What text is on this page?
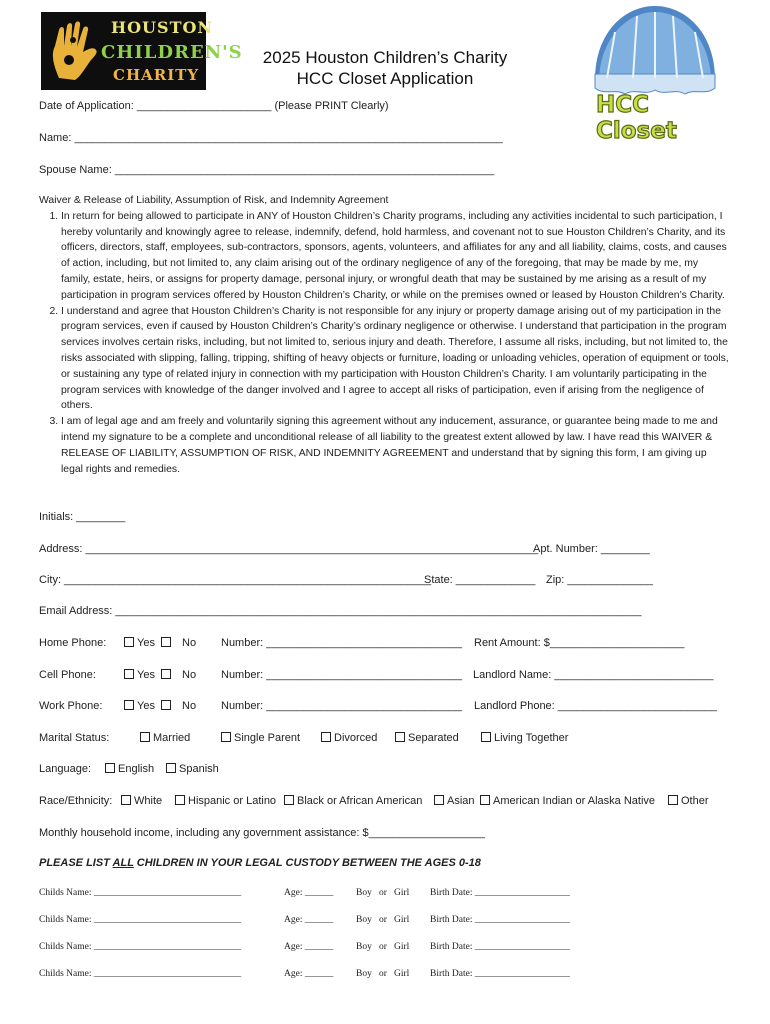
HOUSTON
CHILDREN'S
CHARITY
2025 Houston Children’s Charity
HCC Closet Application
HCC Closet
Date of Application: ______________________ (Please PRINT Clearly)
Name: ______________________________________________________________________
Spouse Name: ______________________________________________________________

Waiver & Release of Liability, Assumption of Risk, and Indemnity Agreement

1. In return for being allowed to participate in ANY of Houston Children’s Charity programs, including any activities incidental to such participation, I hereby voluntarily and knowingly agree to release, indemnify, defend, hold harmless, and covenant not to sue Houston Children’s Charity, and its officers, directors, staff, employees, sub-contractors, sponsors, agents, volunteers, and affiliates for any and all liability, claims, costs, and causes of action, including, but not limited to, any claim arising out of the ordinary negligence of any of the foregoing, that may be made by me, my family, estate, heirs, or assigns for property damage, personal injury, or wrongful death that may be sustained by me arising as a result of my participation in program services offered by Houston Children’s Charity, or while on the premises owned or leased by Houston Children’s Charity.
2. I understand and agree that Houston Children’s Charity is not responsible for any injury or property damage arising out of my participation in the program services, even if caused by Houston Children’s Charity’s ordinary negligence or otherwise. I understand that participation in the program services involves certain risks, including, but not limited to, serious injury and death. Therefore, I assume all risks, including, but not limited to, the risks associated with slipping, falling, tripping, shifting of heavy objects or furniture, loading or unloading vehicles, operation of equipment or tools, or sustaining any type of related injury in connection with my participation with Houston Children’s Charity. I am voluntarily participating in the program services with knowledge of the danger involved and I agree to accept all risks of participation, even if arising from the negligence of others.
3. I am of legal age and am freely and voluntarily signing this agreement without any inducement, assurance, or guarantee being made to me and intend my signature to be a complete and unconditional release of all liability to the greatest extent allowed by law. I have read this WAIVER & RELEASE OF LIABILITY, ASSUMPTION OF RISK, AND INDEMNITY AGREEMENT and understand that by signing this form, I am giving up legal rights and remedies.
Initials: ________
Address: __________________________________________________________________________
Apt. Number: ________
City: ____________________________________________________________
State: _____________ Zip: ______________
Email Address: ______________________________________________________________________________________
Home Phone:	Yes	No Number: ________________________________ Rent Amount: $______________________
Cell Phone:	Yes	No Number: ________________________________ Landlord Name: __________________________
Work Phone:	Yes	No Number: ________________________________ Landlord Phone: __________________________
Marital Status:	Married	Single Parent	Divorced	Separated	Living Together
Language:	English	Spanish
Race/Ethnicity:	White	Hispanic or Latino	Black or African American	Asian	American Indian or Alaska Native	Other
Monthly household income, including any government assistance: $___________________
PLEASE LIST ALL CHILDREN IN YOUR LEGAL CUSTODY BETWEEN THE AGES 0-18
Childs Name: _______________________________	Age: ______ Boy or Girl Birth Date: ____________________
Childs Name: _______________________________	Age: ______ Boy or Girl Birth Date: ____________________
Childs Name: _______________________________	Age: ______ Boy or Girl Birth Date: ____________________
Childs Name: _______________________________	Age: ______ Boy or Girl Birth Date: ____________________
